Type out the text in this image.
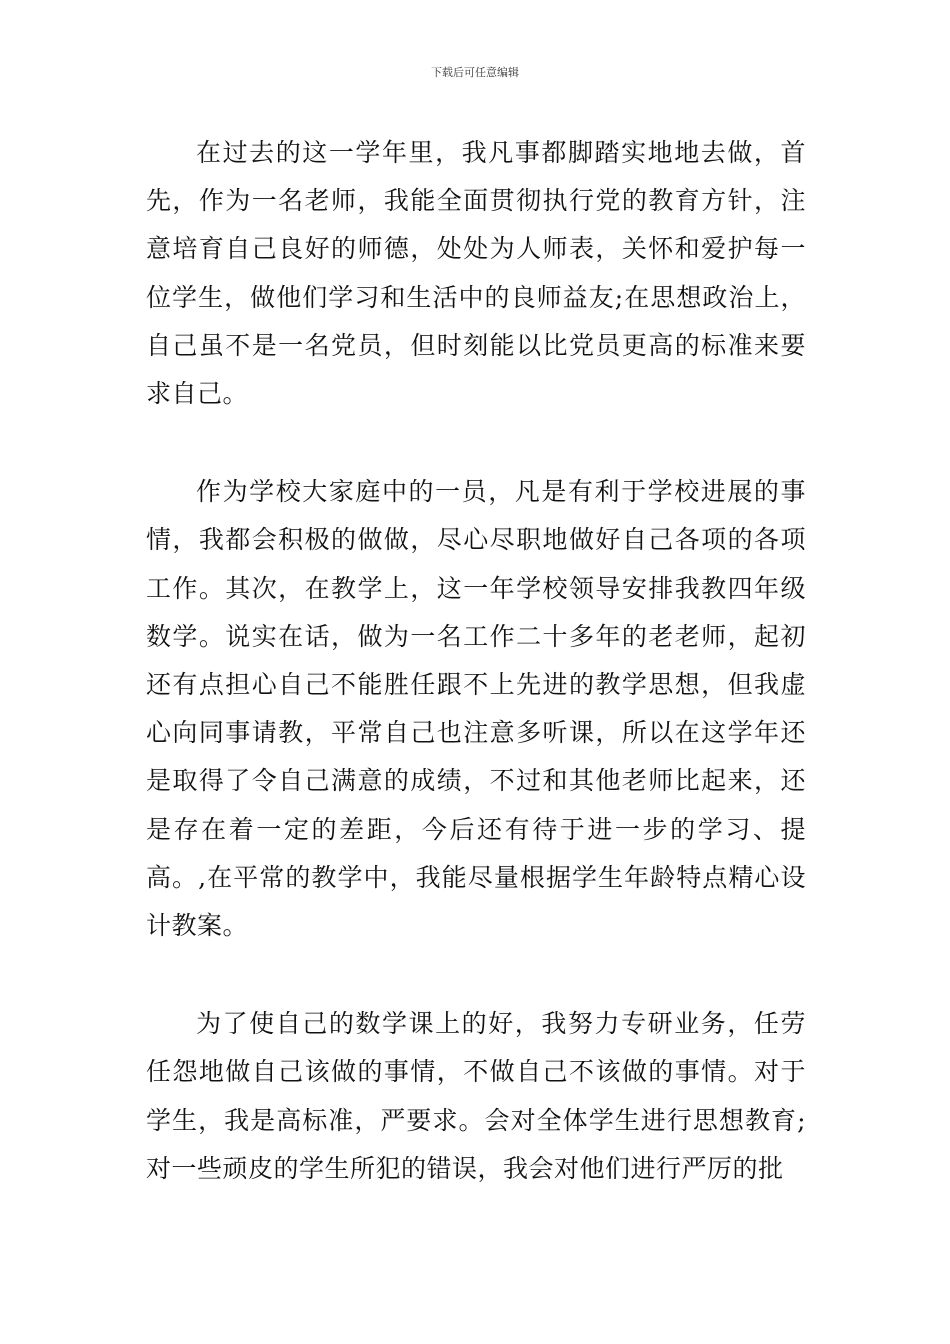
下载后可任意编辑

在过去的这一学年里，我凡事都脚踏实地地去做，首先，作为一名老师，我能全面贯彻执行党的教育方针，注意培育自己良好的师德，处处为人师表，关怀和爱护每一位学生，做他们学习和生活中的良师益友;在思想政治上，自己虽不是一名党员，但时刻能以比党员更高的标准来要求自己。

作为学校大家庭中的一员，凡是有利于学校进展的事情，我都会积极的做做，尽心尽职地做好自己各项的各项工作。其次，在教学上，这一年学校领导安排我教四年级数学。说实在话，做为一名工作二十多年的老老师，起初还有点担心自己不能胜任跟不上先进的教学思想，但我虚心向同事请教，平常自己也注意多听课，所以在这学年还是取得了令自己满意的成绩，不过和其他老师比起来，还是存在着一定的差距，今后还有待于进一步的学习、提高。,在平常的教学中，我能尽量根据学生年龄特点精心设计教案。

为了使自己的数学课上的好，我努力专研业务，任劳任怨地做自己该做的事情，不做自己不该做的事情。对于学生，我是高标准，严要求。会对全体学生进行思想教育;对一些顽皮的学生所犯的错误，我会对他们进行严厉的批
